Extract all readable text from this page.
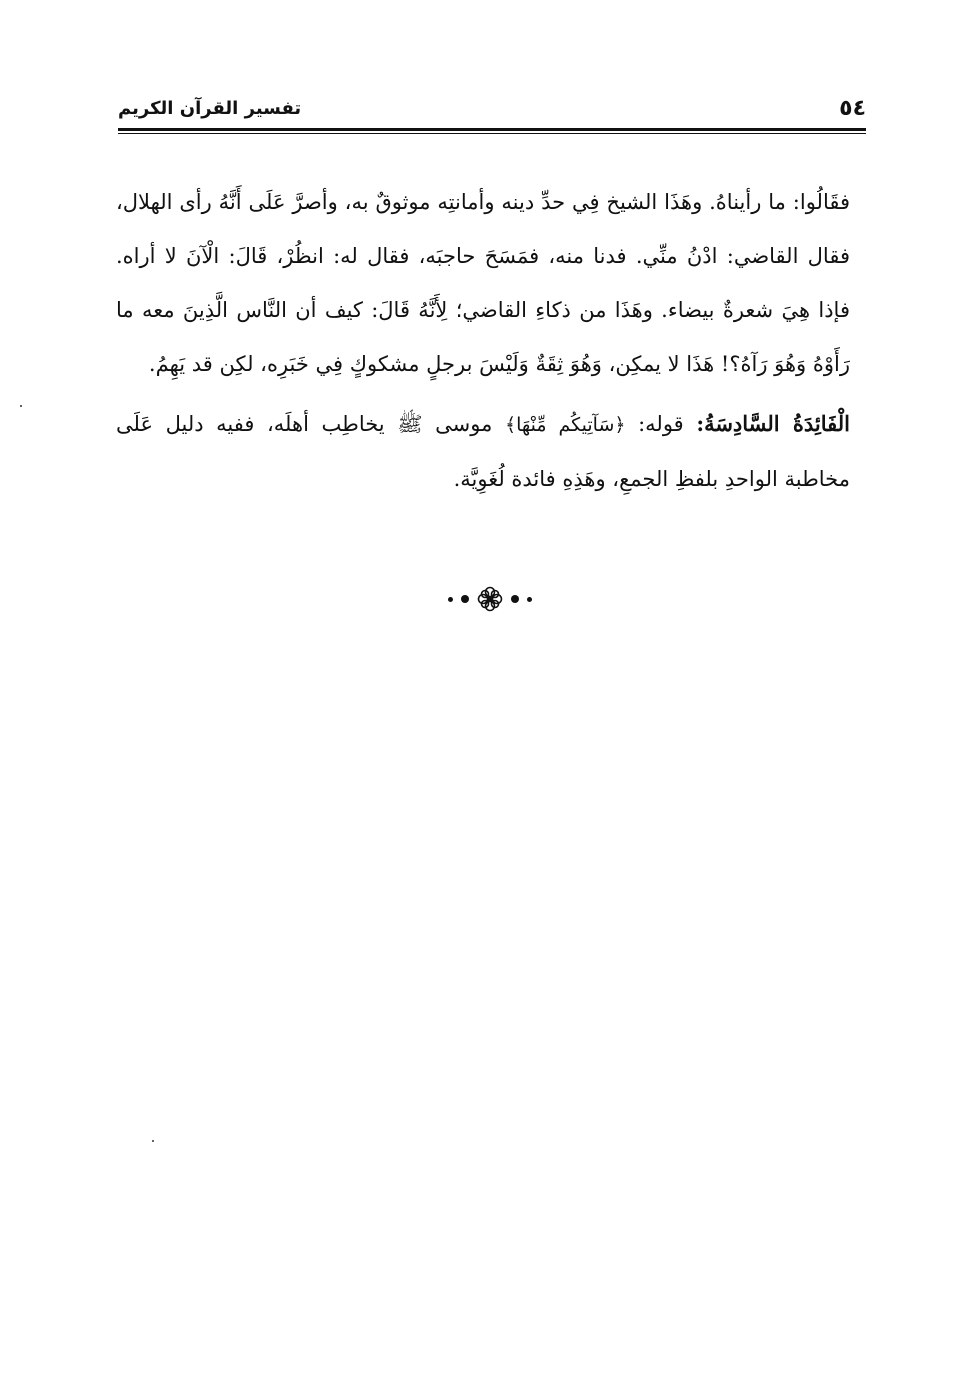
٥٤
تفسير القرآن الكريم

فقَالُوا: ما رأيناهُ. وهَذَا الشيخ فِي حدِّ دينه وأمانتِه موثوقٌ به، وأصرَّ عَلَى أَنَّهُ رأى الهلال، فقال القاضي: ادْنُ منِّي. فدنا منه، فمَسَحَ حاجبَه، فقال له: انظُرْ، قَالَ: الْآنَ لا أراه. فإذا هِيَ شعرةٌ بيضاء. وهَذَا من ذكاءِ القاضي؛ لِأَنَّهُ قَالَ: كيف أن النَّاس الَّذِينَ معه ما رَأَوْهُ وَهُوَ رَآهُ؟! هَذَا لا يمكِن، وَهُوَ ثِقَةٌ وَلَيْسَ برجلٍ مشكوكٍ فِي خَبَرِه، لكِن قد يَهِمُ.

الْفَائِدَةُ السَّادِسَةُ: قوله: ﴿سَآتِيكُم مِّنْهَا﴾ موسى ﷺ يخاطِب أهلَه، ففيه دليل عَلَى مخاطبة الواحدِ بلفظِ الجمعِ، وهَذِهِ فائدة لُغَوِيَّة.
